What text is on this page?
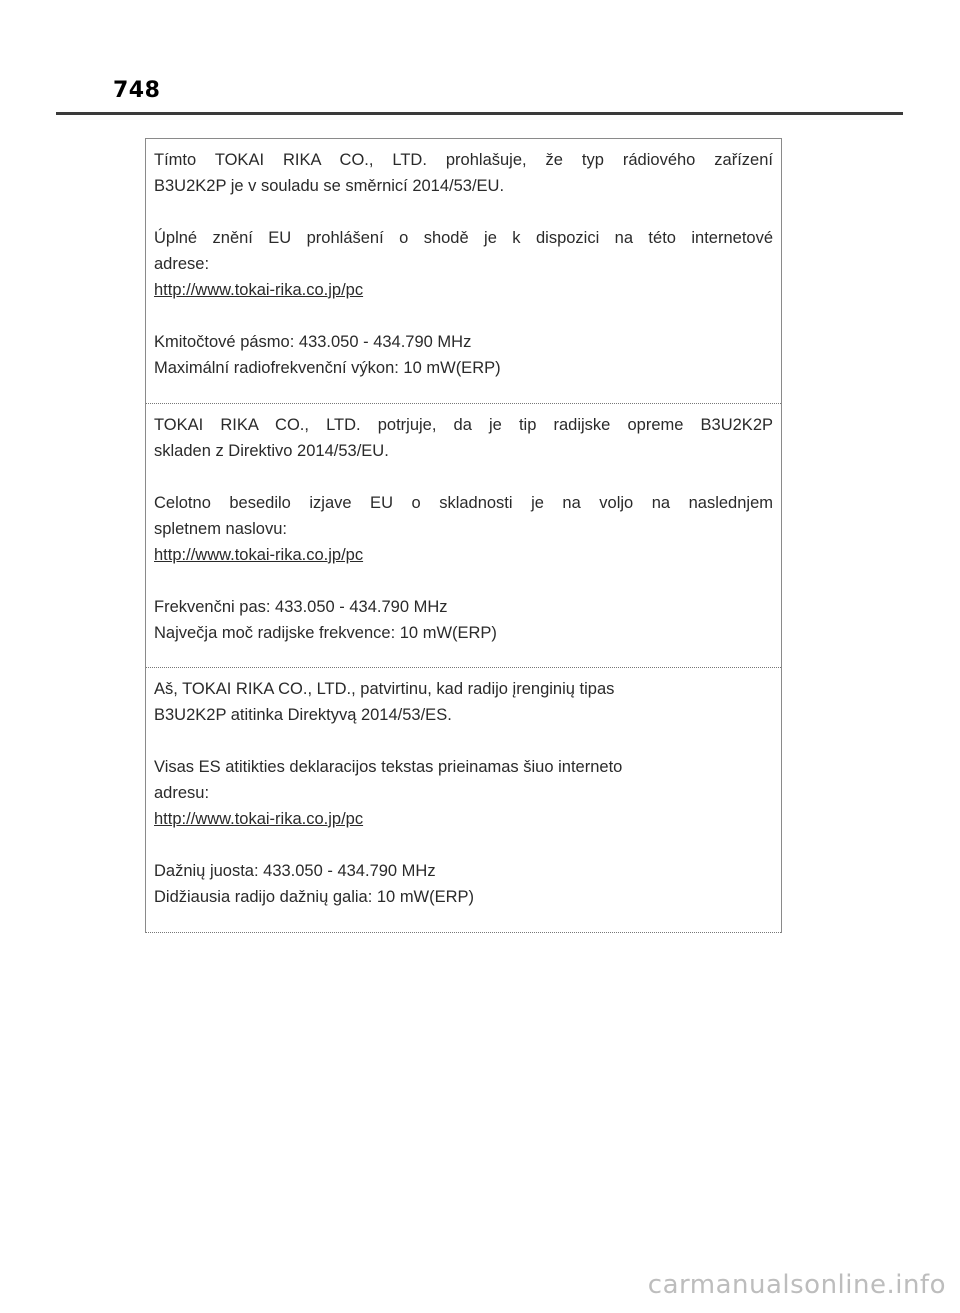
748
Tímto TOKAI RIKA CO., LTD. prohlašuje, že typ rádiového zařízení
B3U2K2P je v souladu se směrnicí 2014/53/EU.
Úplné znění EU prohlášení o shodě je k dispozici na této internetové
adrese:
http://www.tokai-rika.co.jp/pc
Kmitočtové pásmo: 433.050 - 434.790 MHz
Maximální radiofrekvenční výkon: 10 mW(ERP)
TOKAI RIKA CO., LTD. potrjuje, da je tip radijske opreme B3U2K2P
skladen z Direktivo 2014/53/EU.
Celotno besedilo izjave EU o skladnosti je na voljo na naslednjem
spletnem naslovu:
http://www.tokai-rika.co.jp/pc
Frekvenčni pas: 433.050 - 434.790 MHz
Največja moč radijske frekvence: 10 mW(ERP)
Aš, TOKAI RIKA CO., LTD., patvirtinu, kad radijo įrenginių tipas
B3U2K2P atitinka Direktyvą 2014/53/ES.
Visas ES atitikties deklaracijos tekstas prieinamas šiuo interneto
adresu:
http://www.tokai-rika.co.jp/pc
Dažnių juosta: 433.050 - 434.790 MHz
Didžiausia radijo dažnių galia: 10 mW(ERP)
carmanualsonline.info
